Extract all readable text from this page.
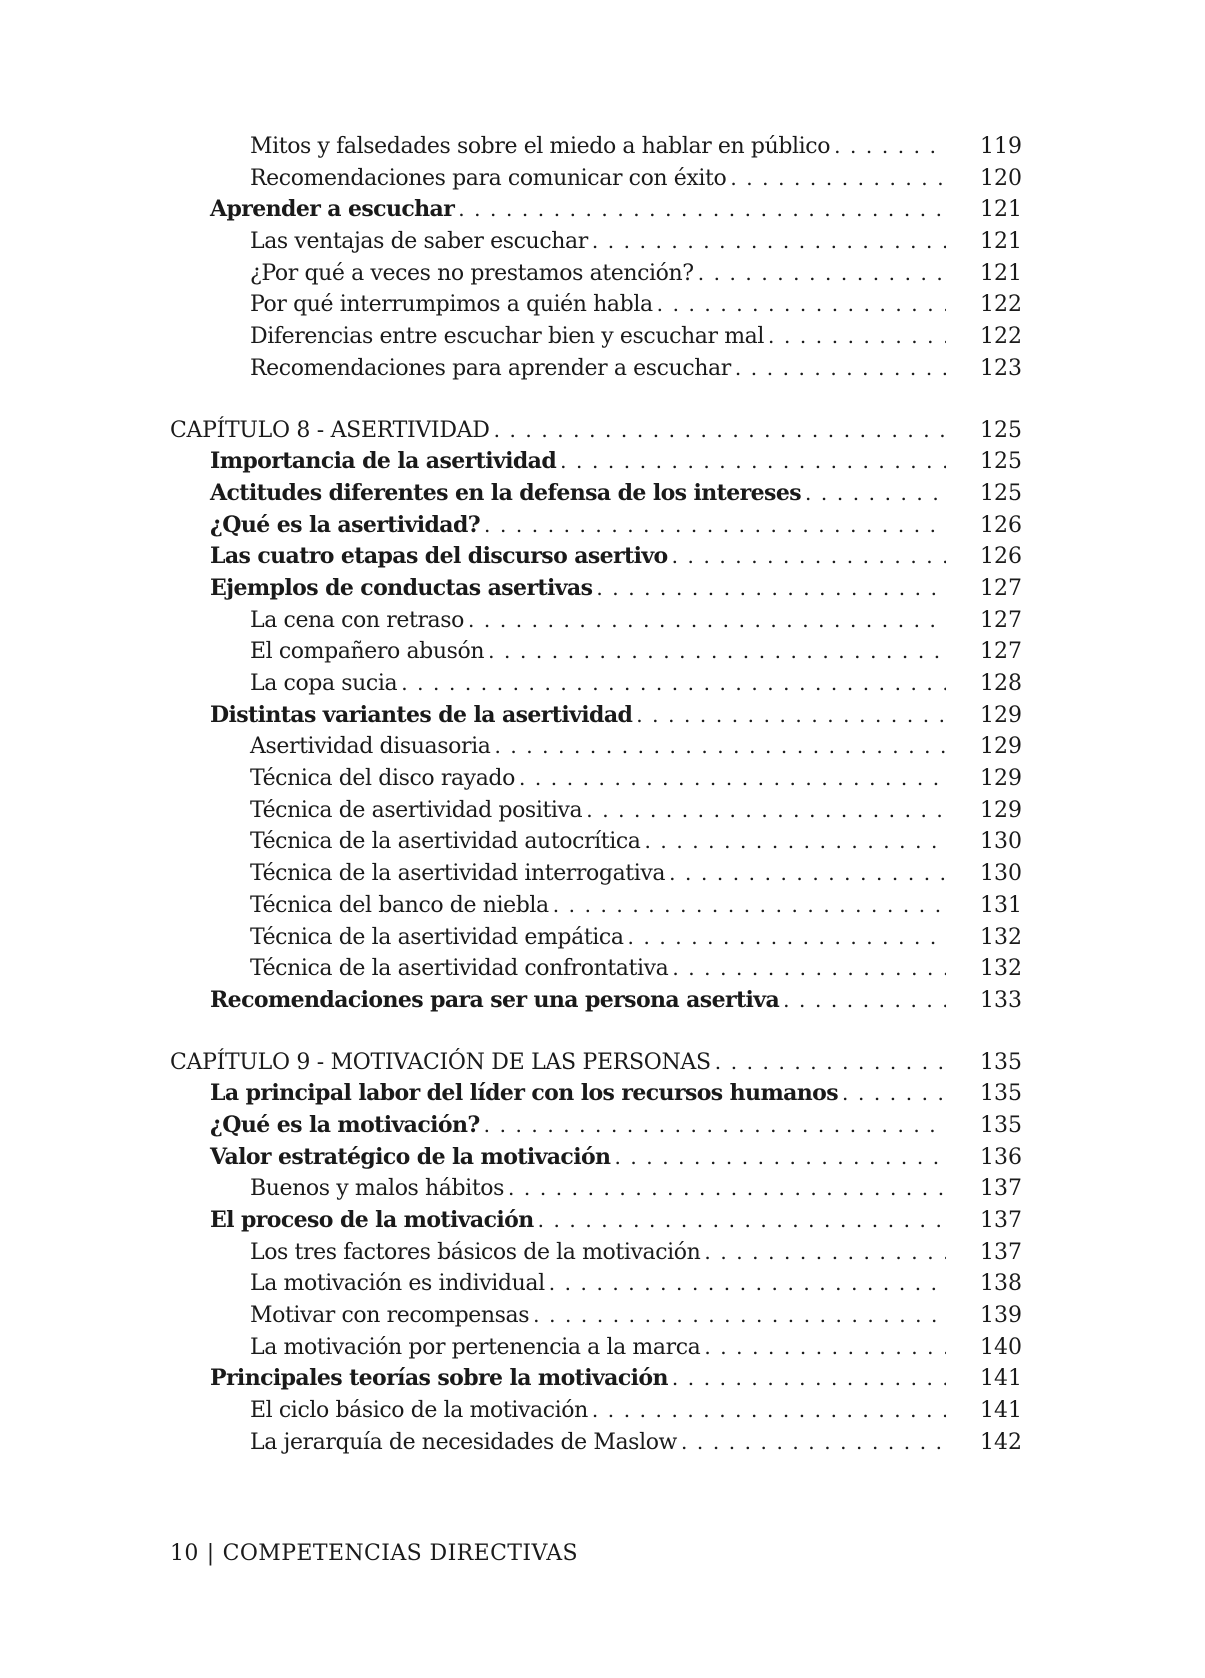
Mitos y falsedades sobre el miedo a hablar en público . . .	119
Recomendaciones para comunicar con éxito . . .	120
Aprender a escuchar . . .	121
Las ventajas de saber escuchar . . .	121
¿Por qué a veces no prestamos atención? . . .	121
Por qué interrumpimos a quién habla . . .	122
Diferencias entre escuchar bien y escuchar mal . . .	122
Recomendaciones para aprender a escuchar . . .	123
CAPÍTULO 8 - ASERTIVIDAD . . .	125
Importancia de la asertividad . . .	125
Actitudes diferentes en la defensa de los intereses . . .	125
¿Qué es la asertividad? . . .	126
Las cuatro etapas del discurso asertivo . . .	126
Ejemplos de conductas asertivas . . .	127
La cena con retraso . . .	127
El compañero abusón . . .	127
La copa sucia . . .	128
Distintas variantes de la asertividad . . .	129
Asertividad disuasoria . . .	129
Técnica del disco rayado . . .	129
Técnica de asertividad positiva . . .	129
Técnica de la asertividad autocrítica . . .	130
Técnica de la asertividad interrogativa . . .	130
Técnica del banco de niebla . . .	131
Técnica de la asertividad empática . . .	132
Técnica de la asertividad confrontativa . . .	132
Recomendaciones para ser una persona asertiva . . .	133
CAPÍTULO 9 - MOTIVACIÓN DE LAS PERSONAS . . .	135
La principal labor del líder con los recursos humanos . . .	135
¿Qué es la motivación? . . .	135
Valor estratégico de la motivación . . .	136
Buenos y malos hábitos . . .	137
El proceso de la motivación . . .	137
Los tres factores básicos de la motivación . . .	137
La motivación es individual . . .	138
Motivar con recompensas . . .	139
La motivación por pertenencia a la marca . . .	140
Principales teorías sobre la motivación . . .	141
El ciclo básico de la motivación . . .	141
La jerarquía de necesidades de Maslow . . .	142
10 | COMPETENCIAS DIRECTIVAS
